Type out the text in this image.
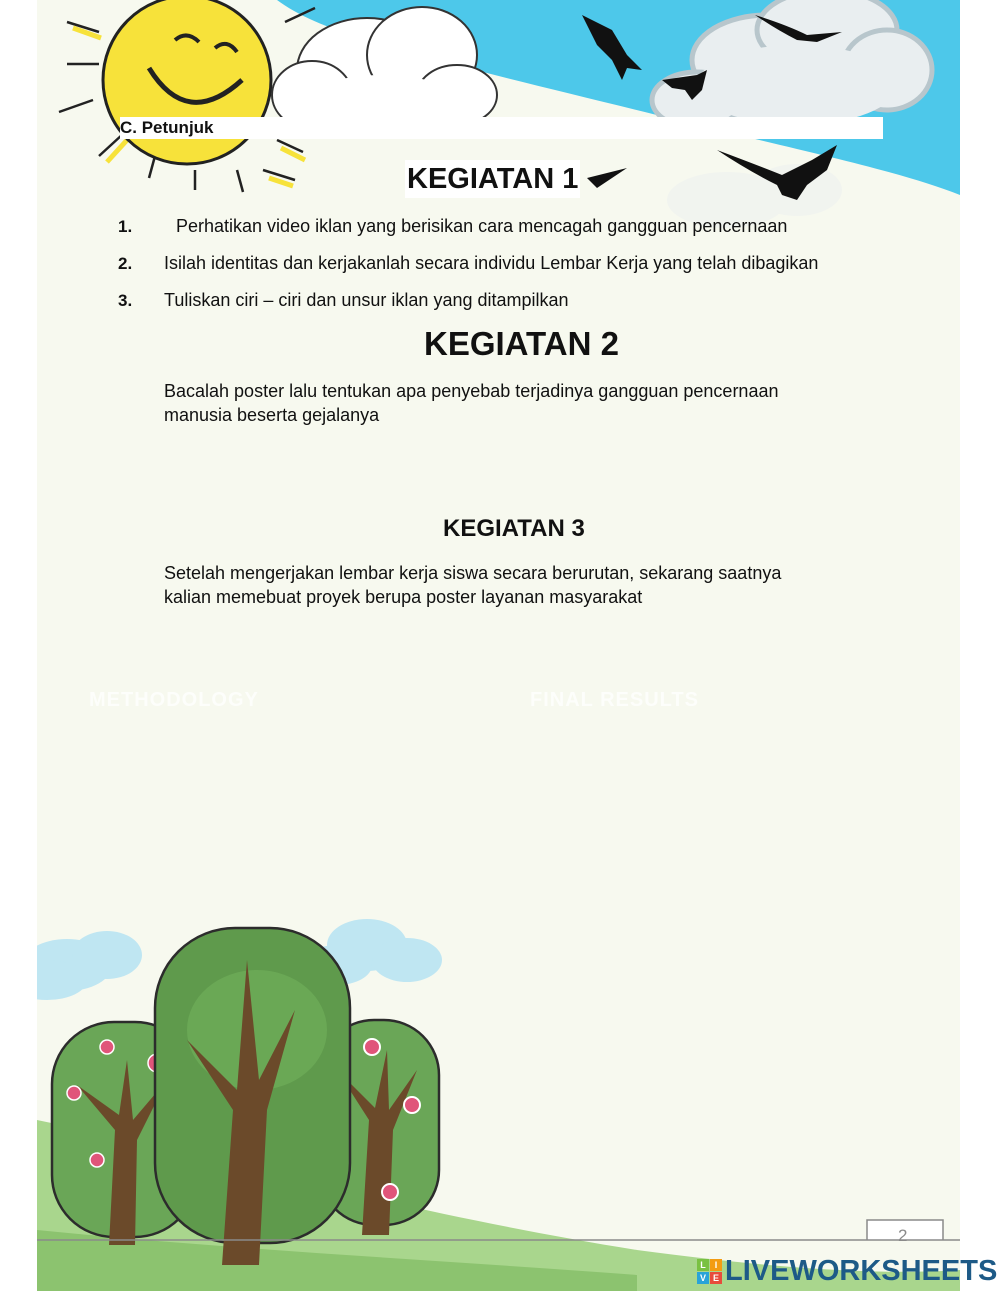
C. Petunjuk
KEGIATAN 1
1. Perhatikan video iklan yang berisikan cara mencagah gangguan pencernaan
2. Isilah identitas dan kerjakanlah secara individu Lembar Kerja yang telah dibagikan
3. Tuliskan ciri – ciri dan unsur iklan yang ditampilkan
KEGIATAN 2
Bacalah poster lalu tentukan apa penyebab terjadinya gangguan pencernaan
manusia beserta gejalanya
KEGIATAN 3
Setelah mengerjakan lembar kerja siswa secara berurutan, sekarang saatnya
kalian memebuat proyek berupa poster layanan masyarakat
METHODOLOGY	FINAL RESULTS
2
L I
V E LIVEWORKSHEETS
